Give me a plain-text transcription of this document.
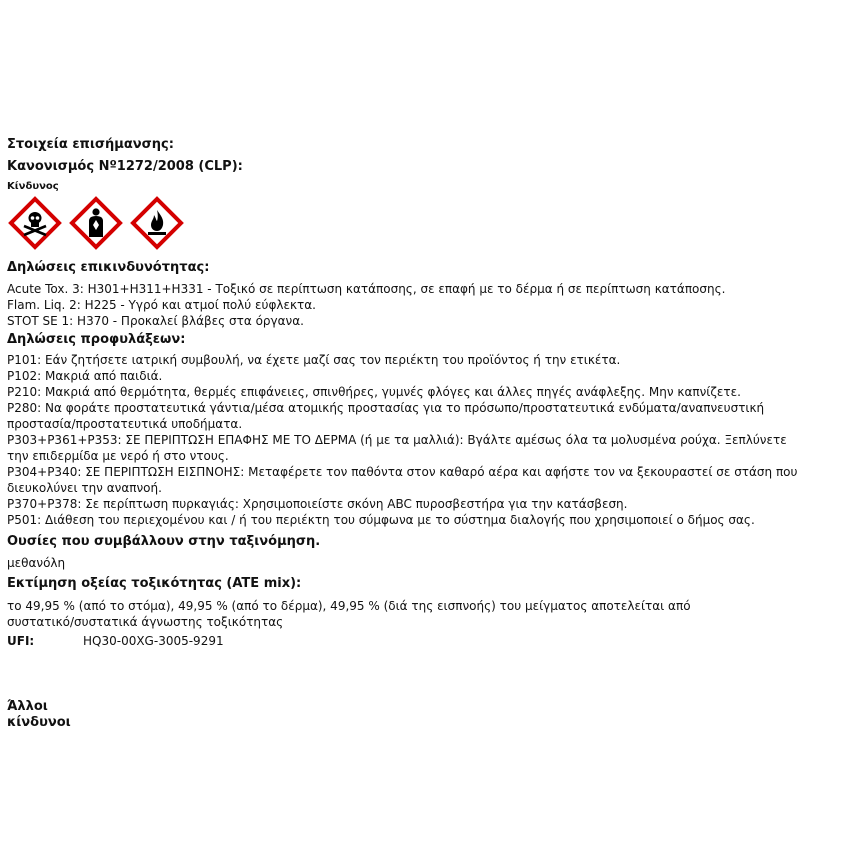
Στοιχεία επισήμανσης:

Κανονισμός Nº1272/2008 (CLP):

Κίνδυνος

Δηλώσεις επικινδυνότητας:

Acute Tox. 3: H301+H311+H331 - Τοξικό σε περίπτωση κατάποσης, σε επαφή με το δέρμα ή σε περίπτωση κατάποσης.

Flam. Liq. 2: H225 - Υγρό και ατμοί πολύ εύφλεκτα.

STOT SE 1: H370 - Προκαλεί βλάβες στα όργανα.

Δηλώσεις προφυλάξεων:

P101: Εάν ζητήσετε ιατρική συμβουλή, να έχετε μαζί σας τον περιέκτη του προϊόντος ή την ετικέτα.

P102: Μακριά από παιδιά.

P210: Μακριά από θερμότητα, θερμές επιφάνειες, σπινθήρες, γυμνές φλόγες και άλλες πηγές ανάφλεξης. Μην καπνίζετε.

P280: Να φοράτε προστατευτικά γάντια/μέσα ατομικής προστασίας για το πρόσωπο/προστατευτικά ενδύματα/αναπνευστική

προστασία/προστατευτικά υποδήματα.

P303+P361+P353: ΣΕ ΠΕΡΙΠΤΩΣΗ ΕΠΑΦΗΣ ΜΕ ΤΟ ΔΕΡΜΑ (ή με τα μαλλιά): Βγάλτε αμέσως όλα τα μολυσμένα ρούχα. Ξεπλύνετε

την επιδερμίδα με νερό ή στο ντους.

P304+P340: ΣΕ ΠΕΡΙΠΤΩΣΗ ΕΙΣΠΝΟΗΣ: Μεταφέρετε τον παθόντα στον καθαρό αέρα και αφήστε τον να ξεκουραστεί σε στάση που

διευκολύνει την αναπνοή.

P370+P378: Σε περίπτωση πυρκαγιάς: Χρησιμοποιείστε σκόνη ABC πυροσβεστήρα για την κατάσβεση.

P501: Διάθεση του περιεχομένου και / ή του περιέκτη του σύμφωνα με το σύστημα διαλογής που χρησιμοποιεί ο δήμος σας.

Ουσίες που συμβάλλουν στην ταξινόμηση.

μεθανόλη

Εκτίμηση οξείας τοξικότητας (ATE mix):

το 49,95 % (από το στόμα), 49,95 % (από το δέρμα), 49,95 % (διά της εισπνοής) του μείγματος αποτελείται από

συστατικό/συστατικά άγνωστης τοξικότητας

UFI:	HQ30-00XG-3005-9291
Άλλοι κίνδυνοι
